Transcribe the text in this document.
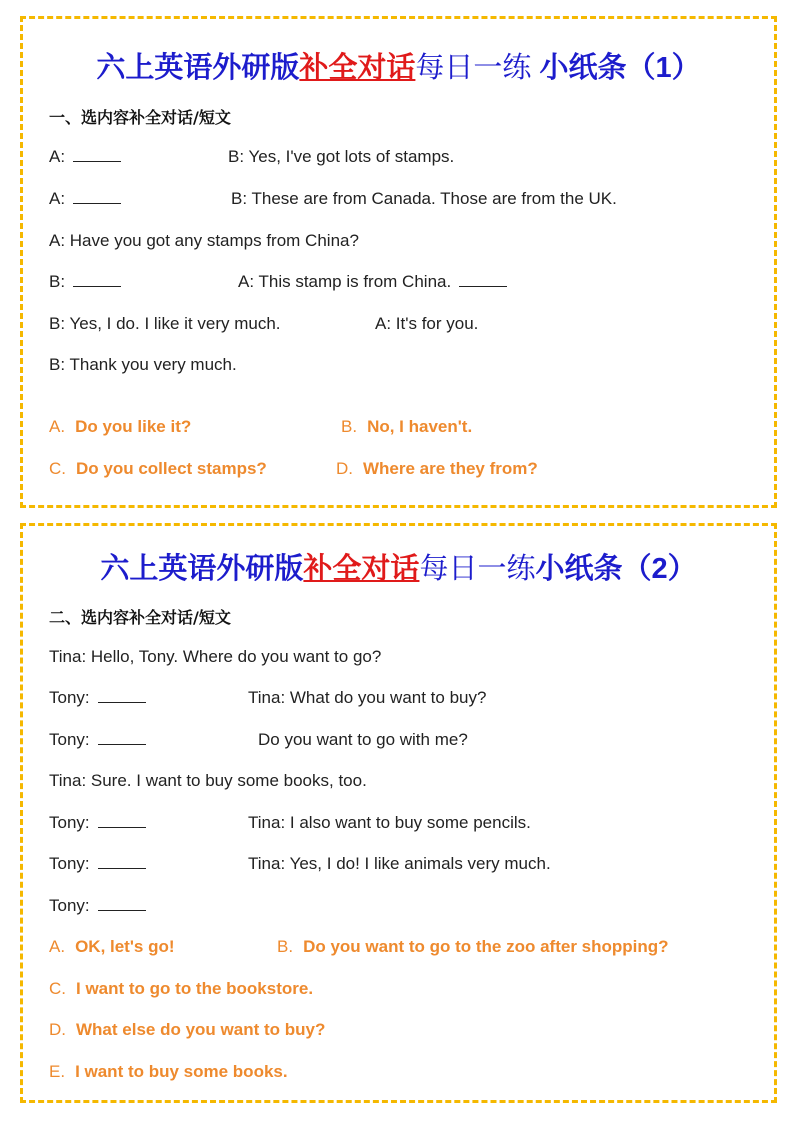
六上英语外研版补全对话每日一练 小纸条（1）
一、选内容补全对话/短文
A:	B: Yes, I've got lots of stamps.
A:	B: These are from Canada. Those are from the UK.
A: Have you got any stamps from China?
B:	A: This stamp is from China.
B: Yes, I do. I like it very much.	A: It's for you.
B: Thank you very much.
A. Do you like it?	B. No, I haven't.
C. Do you collect stamps?	D. Where are they from?
六上英语外研版补全对话每日一练小纸条（2）
二、选内容补全对话/短文
Tina: Hello, Tony. Where do you want to go?
Tony:	Tina: What do you want to buy?
Tony:	Do you want to go with me?
Tina: Sure. I want to buy some books, too.
Tony:	Tina: I also want to buy some pencils.
Tony:	Tina: Yes, I do! I like animals very much.
Tony:
A. OK, let's go!	B. Do you want to go to the zoo after shopping?
C. I want to go to the bookstore.
D. What else do you want to buy?
E. I want to buy some books.
